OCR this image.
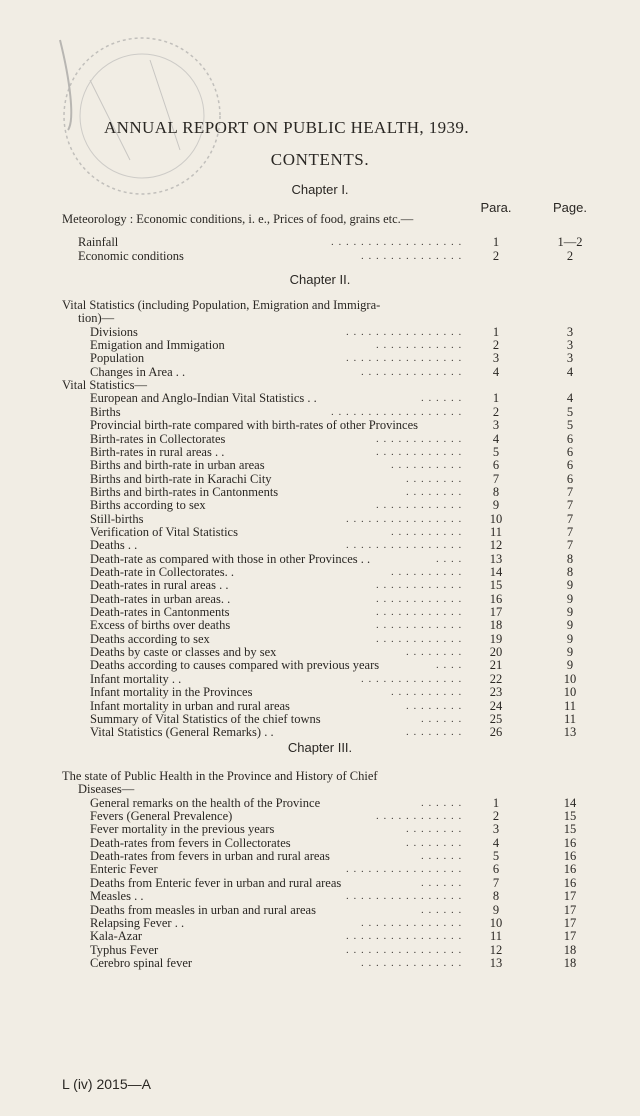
ANNUAL REPORT ON PUBLIC HEALTH, 1939.
CONTENTS.
Para.	Page.
Chapter I.
Meteorology : Economic conditions, i. e., Prices of food, grains etc.—
Rainfall	. . . . . . . . . . . . . . . . . .	1	1—2
Economic conditions	. . . . . . . . . . . . . .	2	2
Chapter II.
Vital Statistics (including Population, Emigration and Immigra-
tion)—
Divisions	. . . . . . . . . . . . . . . .	1	3
Emigation and Immigation	. . . . . . . . . . . .	2	3
Population	. . . . . . . . . . . . . . . .	3	3
Changes in Area . .	. . . . . . . . . . . . . .	4	4
Vital Statistics—
European and Anglo-Indian Vital Statistics . .	. . . . . .	1	4
Births	. . . . . . . . . . . . . . . . . .	2	5
Provincial birth-rate compared with birth-rates of other Provinces	3	5
Birth-rates in Collectorates	. . . . . . . . . . . .	4	6
Birth-rates in rural areas . .	. . . . . . . . . . . .	5	6
Births and birth-rate in urban areas	. . . . . . . . . .	6	6
Births and birth-rate in Karachi City	. . . . . . . .	7	6
Births and birth-rates in Cantonments	. . . . . . . .	8	7
Births according to sex	. . . . . . . . . . . .	9	7
Still-births	. . . . . . . . . . . . . . . .	10	7
Verification of Vital Statistics	. . . . . . . . . .	11	7
Deaths . .	. . . . . . . . . . . . . . . .	12	7
Death-rate as compared with those in other Provinces . .	. . . .	13	8
Death-rate in Collectorates. .	. . . . . . . . . .	14	8
Death-rates in rural areas . .	. . . . . . . . . . . .	15	9
Death-rates in urban areas. .	. . . . . . . . . . . .	16	9
Death-rates in Cantonments	. . . . . . . . . . . .	17	9
Excess of births over deaths	. . . . . . . . . . . .	18	9
Deaths according to sex	. . . . . . . . . . . .	19	9
Deaths by caste or classes and by sex	. . . . . . . .	20	9
Deaths according to causes compared with previous years	. . . .	21	9
Infant mortality . .	. . . . . . . . . . . . . .	22	10
Infant mortality in the Provinces	. . . . . . . . . .	23	10
Infant mortality in urban and rural areas	. . . . . . . .	24	11
Summary of Vital Statistics of the chief towns	. . . . . .	25	11
Vital Statistics (General Remarks) . .	. . . . . . . .	26	13
Chapter III.
The state of Public Health in the Province and History of Chief
Diseases—
General remarks on the health of the Province	. . . . . .	1	14
Fevers (General Prevalence)	. . . . . . . . . . . .	2	15
Fever mortality in the previous years	. . . . . . . .	3	15
Death-rates from fevers in Collectorates	. . . . . . . .	4	16
Death-rates from fevers in urban and rural areas	. . . . . .	5	16
Enteric Fever	. . . . . . . . . . . . . . . .	6	16
Deaths from Enteric fever in urban and rural areas	. . . . . .	7	16
Measles . .	. . . . . . . . . . . . . . . .	8	17
Deaths from measles in urban and rural areas	. . . . . .	9	17
Relapsing Fever . .	. . . . . . . . . . . . . .	10	17
Kala-Azar	. . . . . . . . . . . . . . . .	11	17
Typhus Fever	. . . . . . . . . . . . . . . .	12	18
Cerebro spinal fever	. . . . . . . . . . . . . .	13	18
L (iv) 2015—A
